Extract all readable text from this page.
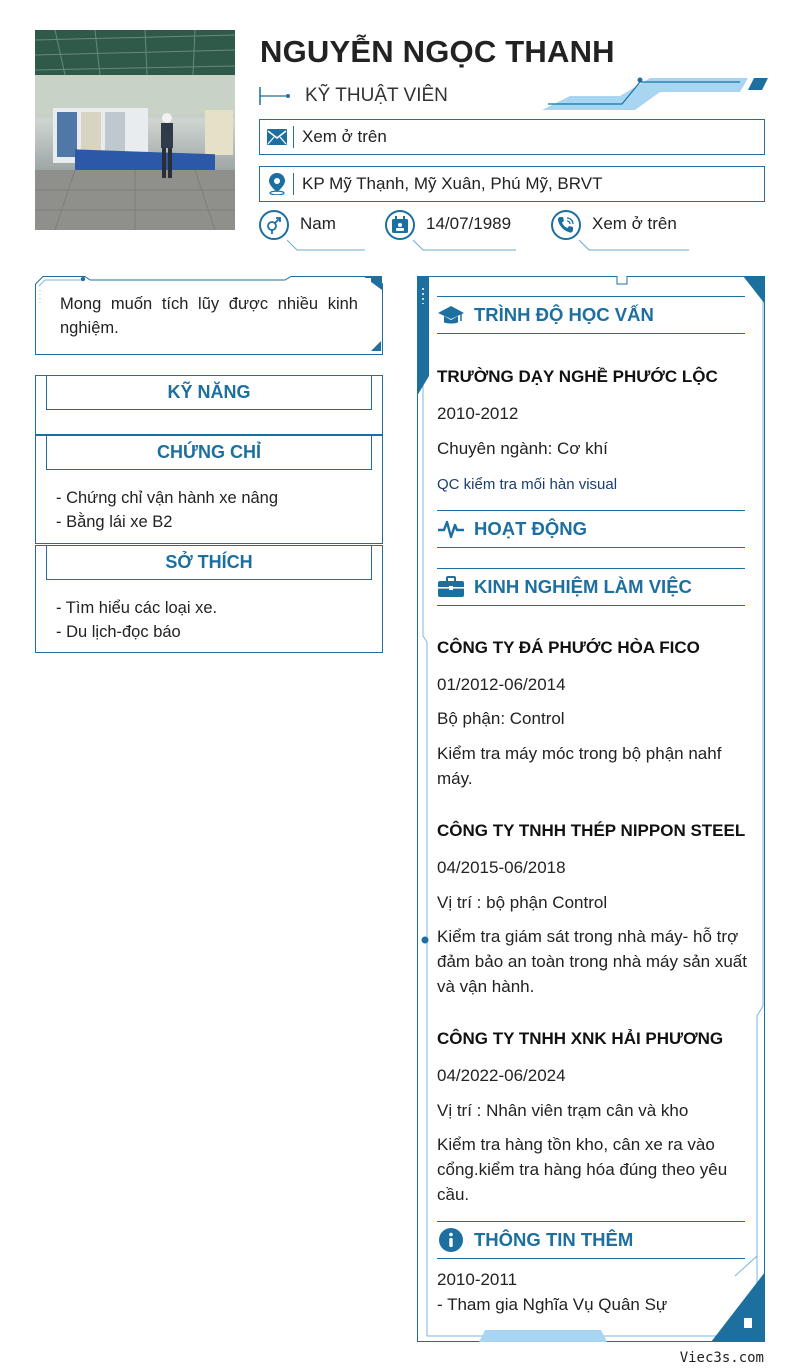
NGUYỄN NGỌC THANH
KỸ THUẬT VIÊN
Xem ở trên
KP Mỹ Thạnh, Mỹ Xuân, Phú Mỹ, BRVT
Nam	14/07/1989	Xem ở trên
Mong muốn tích lũy được nhiều kinh nghiệm.
KỸ NĂNG
CHỨNG CHỈ
- Chứng chỉ vận hành xe nâng
- Bằng lái xe B2
SỞ THÍCH
- Tìm hiểu các loại xe.
- Du lịch-đọc báo
TRÌNH ĐỘ HỌC VẤN
TRƯỜNG DẠY NGHỀ PHƯỚC LỘC
2010-2012
Chuyên ngành: Cơ khí
QC kiểm tra mối hàn visual
HOẠT ĐỘNG
KINH NGHIỆM LÀM VIỆC
CÔNG TY ĐÁ PHƯỚC HÒA FICO
01/2012-06/2014
Bộ phận: Control
Kiểm tra máy móc trong bộ phận nahf máy.
CÔNG TY TNHH THÉP NIPPON STEEL
04/2015-06/2018
Vị trí : bộ phận Control
Kiểm tra giám sát trong nhà máy- hỗ trợ đảm bảo an toàn trong nhà máy sản xuất và vận hành.
CÔNG TY TNHH XNK HẢI PHƯƠNG
04/2022-06/2024
Vị trí : Nhân viên trạm cân và kho
Kiểm tra hàng tồn kho, cân xe ra vào cổng.kiểm tra hàng hóa đúng theo yêu cầu.
THÔNG TIN THÊM
2010-2011
- Tham gia Nghĩa Vụ Quân Sự
Viec3s.com
